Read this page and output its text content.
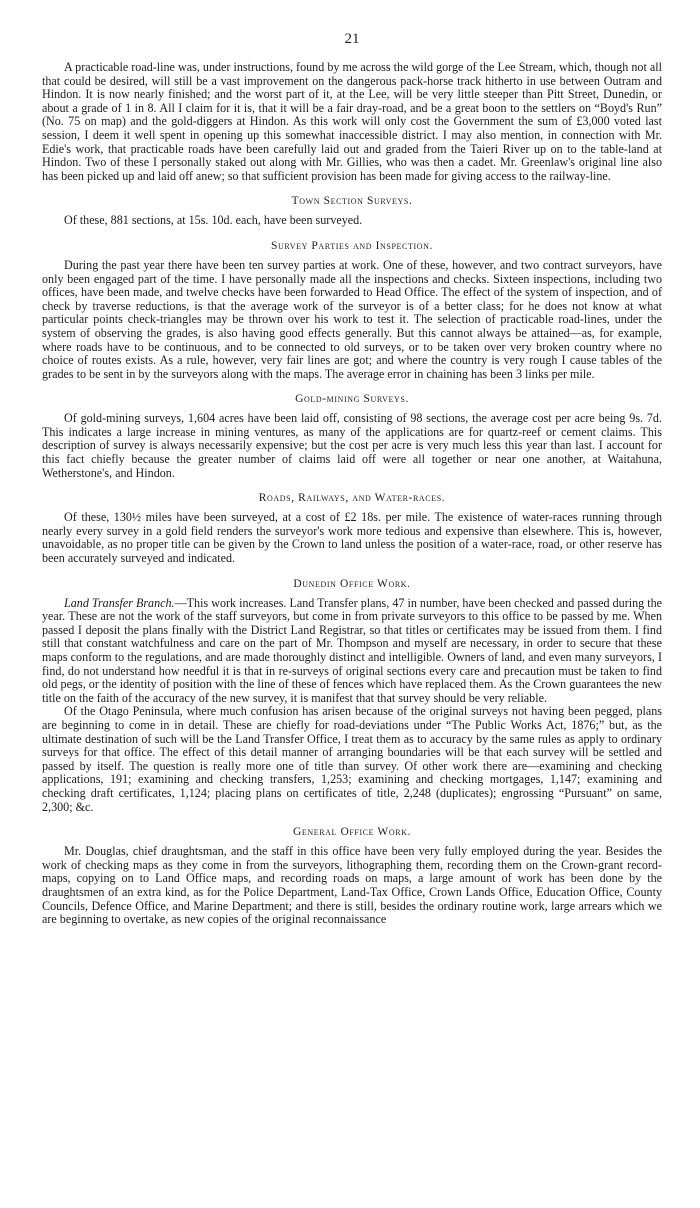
21

A practicable road-line was, under instructions, found by me across the wild gorge of the Lee Stream, which, though not all that could be desired, will still be a vast improvement on the dangerous pack-horse track hitherto in use between Outram and Hindon. It is now nearly finished; and the worst part of it, at the Lee, will be very little steeper than Pitt Street, Dunedin, or about a grade of 1 in 8. All I claim for it is, that it will be a fair dray-road, and be a great boon to the settlers on “Boyd's Run” (No. 75 on map) and the gold-diggers at Hindon. As this work will only cost the Government the sum of £3,000 voted last session, I deem it well spent in opening up this somewhat inaccessible district. I may also mention, in connection with Mr. Edie's work, that practicable roads have been carefully laid out and graded from the Taieri River up on to the table-land at Hindon. Two of these I personally staked out along with Mr. Gillies, who was then a cadet. Mr. Greenlaw's original line also has been picked up and laid off anew; so that sufficient provision has been made for giving access to the railway-line.

Town Section Surveys.

Of these, 881 sections, at 15s. 10d. each, have been surveyed.

Survey Parties and Inspection.

During the past year there have been ten survey parties at work. One of these, however, and two contract surveyors, have only been engaged part of the time. I have personally made all the inspections and checks. Sixteen inspections, including two offices, have been made, and twelve checks have been forwarded to Head Office. The effect of the system of inspection, and of check by traverse reductions, is that the average work of the surveyor is of a better class; for he does not know at what particular points check-triangles may be thrown over his work to test it. The selection of practicable road-lines, under the system of observing the grades, is also having good effects generally. But this cannot always be attained—as, for example, where roads have to be continuous, and to be connected to old surveys, or to be taken over very broken country where no choice of routes exists. As a rule, however, very fair lines are got; and where the country is very rough I cause tables of the grades to be sent in by the surveyors along with the maps. The average error in chaining has been 3 links per mile.

Gold-mining Surveys.

Of gold-mining surveys, 1,604 acres have been laid off, consisting of 98 sections, the average cost per acre being 9s. 7d. This indicates a large increase in mining ventures, as many of the applications are for quartz-reef or cement claims. This description of survey is always necessarily expensive; but the cost per acre is very much less this year than last. I account for this fact chiefly because the greater number of claims laid off were all together or near one another, at Waitahuna, Wetherstone's, and Hindon.

Roads, Railways, and Water-races.

Of these, 130½ miles have been surveyed, at a cost of £2 18s. per mile. The existence of water-races running through nearly every survey in a gold field renders the surveyor's work more tedious and expensive than elsewhere. This is, however, unavoidable, as no proper title can be given by the Crown to land unless the position of a water-race, road, or other reserve has been accurately surveyed and indicated.

Dunedin Office Work.

Land Transfer Branch.—This work increases. Land Transfer plans, 47 in number, have been checked and passed during the year. These are not the work of the staff surveyors, but come in from private surveyors to this office to be passed by me. When passed I deposit the plans finally with the District Land Registrar, so that titles or certificates may be issued from them. I find still that constant watchfulness and care on the part of Mr. Thompson and myself are necessary, in order to secure that these maps conform to the regulations, and are made thoroughly distinct and intelligible. Owners of land, and even many surveyors, I find, do not understand how needful it is that in re-surveys of original sections every care and precaution must be taken to find old pegs, or the identity of position with the line of these of fences which have replaced them. As the Crown guarantees the new title on the faith of the accuracy of the new survey, it is manifest that that survey should be very reliable.

Of the Otago Peninsula, where much confusion has arisen because of the original surveys not having been pegged, plans are beginning to come in in detail. These are chiefly for road-deviations under “The Public Works Act, 1876;” but, as the ultimate destination of such will be the Land Transfer Office, I treat them as to accuracy by the same rules as apply to ordinary surveys for that office. The effect of this detail manner of arranging boundaries will be that each survey will be settled and passed by itself. The question is really more one of title than survey. Of other work there are—examining and checking applications, 191; examining and checking transfers, 1,253; examining and checking mortgages, 1,147; examining and checking draft certificates, 1,124; placing plans on certificates of title, 2,248 (duplicates); engrossing “Pursuant” on same, 2,300; &c.

General Office Work.

Mr. Douglas, chief draughtsman, and the staff in this office have been very fully employed during the year. Besides the work of checking maps as they come in from the surveyors, lithographing them, recording them on the Crown-grant record-maps, copying on to Land Office maps, and recording roads on maps, a large amount of work has been done by the draughtsmen of an extra kind, as for the Police Department, Land-Tax Office, Crown Lands Office, Education Office, County Councils, Defence Office, and Marine Department; and there is still, besides the ordinary routine work, large arrears which we are beginning to overtake, as new copies of the original reconnaissance
